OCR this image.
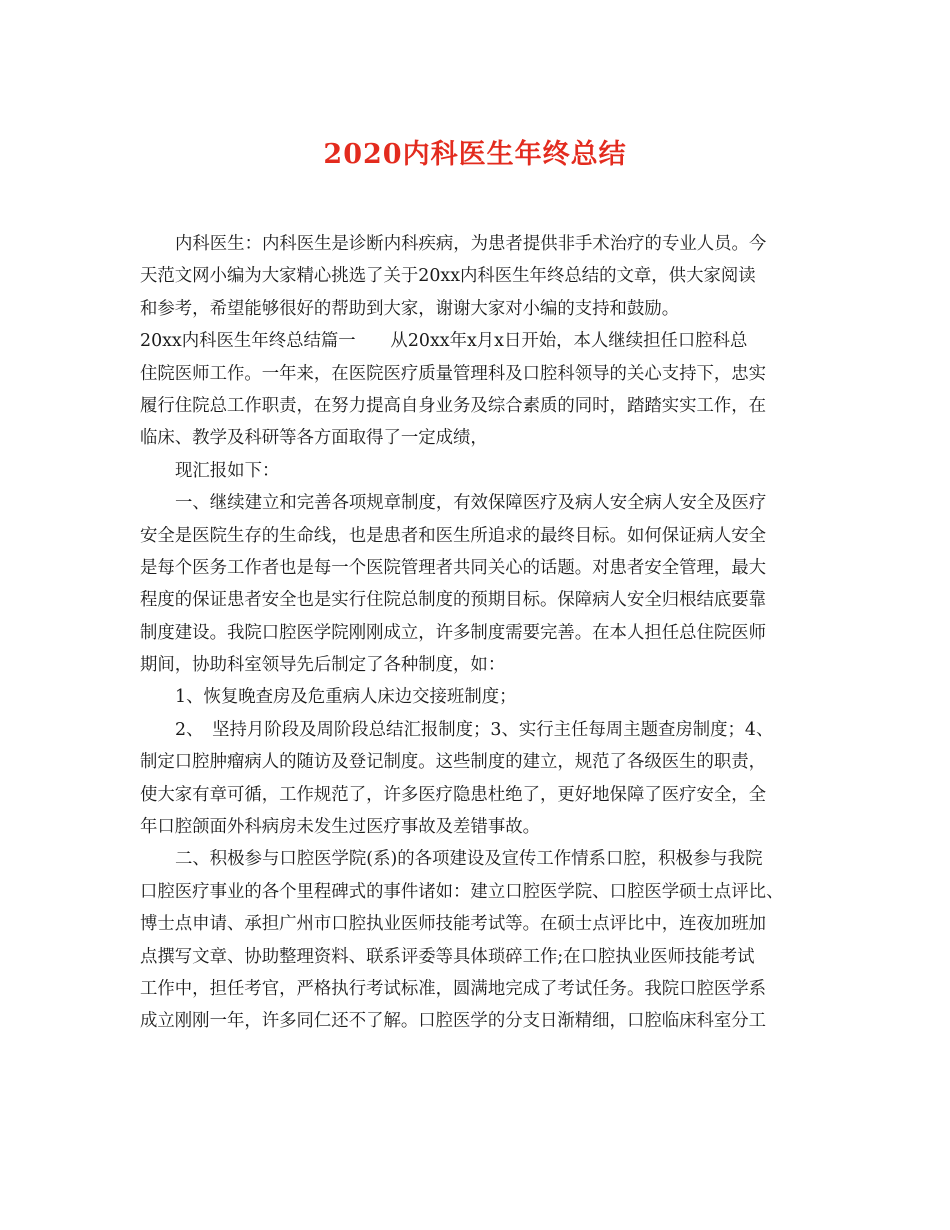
2020内科医生年终总结
内科医生：内科医生是诊断内科疾病，为患者提供非手术治疗的专业人员。今
天范文网小编为大家精心挑选了关于20xx内科医生年终总结的文章，供大家阅读
和参考，希望能够很好的帮助到大家，谢谢大家对小编的支持和鼓励。
20xx内科医生年终总结篇一　　从20xx年x月x日开始，本人继续担任口腔科总
住院医师工作。一年来，在医院医疗质量管理科及口腔科领导的关心支持下，忠实
履行住院总工作职责，在努力提高自身业务及综合素质的同时，踏踏实实工作，在
临床、教学及科研等各方面取得了一定成绩，
现汇报如下：
一、继续建立和完善各项规章制度，有效保障医疗及病人安全病人安全及医疗
安全是医院生存的生命线，也是患者和医生所追求的最终目标。如何保证病人安全
是每个医务工作者也是每一个医院管理者共同关心的话题。对患者安全管理，最大
程度的保证患者安全也是实行住院总制度的预期目标。保障病人安全归根结底要靠
制度建设。我院口腔医学院刚刚成立，许多制度需要完善。在本人担任总住院医师
期间，协助科室领导先后制定了各种制度，如：
1、恢复晚查房及危重病人床边交接班制度；
2、　坚持月阶段及周阶段总结汇报制度；3、实行主任每周主题查房制度；4、
制定口腔肿瘤病人的随访及登记制度。这些制度的建立，规范了各级医生的职责，
使大家有章可循，工作规范了，许多医疗隐患杜绝了，更好地保障了医疗安全，全
年口腔颌面外科病房未发生过医疗事故及差错事故。
二、积极参与口腔医学院(系)的各项建设及宣传工作情系口腔，积极参与我院
口腔医疗事业的各个里程碑式的事件诸如：建立口腔医学院、口腔医学硕士点评比、
博士点申请、承担广州市口腔执业医师技能考试等。在硕士点评比中，连夜加班加
点撰写文章、协助整理资料、联系评委等具体琐碎工作;在口腔执业医师技能考试
工作中，担任考官，严格执行考试标准，圆满地完成了考试任务。我院口腔医学系
成立刚刚一年，许多同仁还不了解。口腔医学的分支日渐精细，口腔临床科室分工
